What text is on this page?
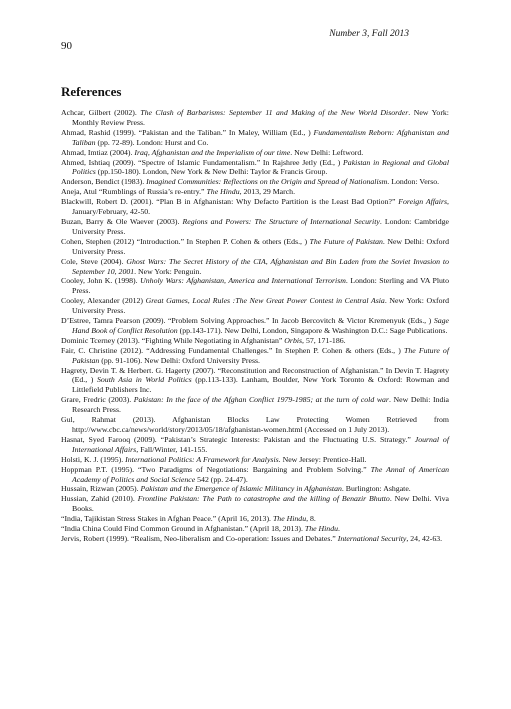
Number 3, Fall 2013
90
References
Achcar, Gilbert (2002). The Clash of Barbarisms: September 11 and Making of the New World Disorder. New York: Monthly Review Press.
Ahmad, Rashid (1999). “Pakistan and the Taliban.” In Maley, William (Ed., ) Fundamentalism Reborn: Afghanistan and Taliban (pp. 72-89). London: Hurst and Co.
Ahmad, Imtiaz (2004). Iraq, Afghanistan and the Imperialism of our time. New Delhi: Leftword.
Ahmed, Ishtiaq (2009). “Spectre of Islamic Fundamentalism.” In Rajshree Jetly (Ed., ) Pakistan in Regional and Global Politics (pp.150-180). London, New York & New Delhi: Taylor & Francis Group.
Anderson, Bendict (1983). Imagined Communities: Reflections on the Origin and Spread of Nationalism. London: Verso.
Aneja, Atul “Rumblings of Russia’s re-entry.” The Hindu, 2013, 29 March.
Blackwill, Robert D. (2001). “Plan B in Afghanistan: Why Defacto Partition is the Least Bad Option?” Foreign Affairs, January/February, 42-50.
Buzan, Barry & Ole Waever (2003). Regions and Powers: The Structure of International Security. London: Cambridge University Press.
Cohen, Stephen (2012) “Introduction.” In Stephen P. Cohen & others (Eds., ) The Future of Pakistan. New Delhi: Oxford University Press.
Cole, Steve (2004). Ghost Wars: The Secret History of the CIA, Afghanistan and Bin Laden from the Soviet Invasion to September 10, 2001. New York: Penguin.
Cooley, John K. (1998). Unholy Wars: Afghanistan, America and International Terrorism. London: Sterling and VA Pluto Press.
Cooley, Alexander (2012) Great Games, Local Rules :The New Great Power Contest in Central Asia. New York: Oxford University Press.
D’Estree, Tamra Pearson (2009). “Problem Solving Approaches.” In Jacob Bercovitch & Victor Kremenyuk (Eds., ) Sage Hand Book of Conflict Resolution (pp.143-171). New Delhi, London, Singapore & Washington D.C.: Sage Publications.
Dominic Tcerney (2013). “Fighting While Negotiating in Afghanistan” Orbis, 57, 171-186.
Fair, C. Christine (2012). “Addressing Fundamental Challenges.” In Stephen P. Cohen & others (Eds., ) The Future of Pakistan (pp. 91-106). New Delhi: Oxford University Press.
Hagrety, Devin T. & Herbert. G. Hagerty (2007). “Reconstitution and Reconstruction of Afghanistan.” In Devin T. Hagrety (Ed., ) South Asia in World Politics (pp.113-133). Lanham, Boulder, New York Toronto & Oxford: Rowman and Littlefield Publishers Inc.
Grare, Fredric (2003). Pakistan: In the face of the Afghan Conflict 1979-1985; at the turn of cold war. New Delhi: India Research Press.
Gul, Rahmat (2013). Afghanistan Blocks Law Protecting Women Retrieved from http://www.cbc.ca/news/world/story/2013/05/18/afghanistan-women.html (Accessed on 1 July 2013).
Hasnat, Syed Farooq (2009). “Pakistan’s Strategic Interests: Pakistan and the Fluctuating U.S. Strategy.” Journal of International Affairs, Fall/Winter, 141-155.
Holsti, K. J. (1995). International Politics: A Framework for Analysis. New Jersey: Prentice-Hall.
Hoppman P.T. (1995). “Two Paradigms of Negotiations: Bargaining and Problem Solving.” The Annal of American Academy of Politics and Social Science 542 (pp. 24-47).
Hussain, Rizwan (2005). Pakistan and the Emergence of Islamic Militancy in Afghanistan. Burlington: Ashgate.
Hussian, Zahid (2010). Frontline Pakistan: The Path to catastrophe and the killing of Benazir Bhutto. New Delhi. Viva Books.
“India, Tajikistan Stress Stakes in Afghan Peace.” (April 16, 2013). The Hindu, 8.
“India China Could Find Common Ground in Afghanistan.” (April 18, 2013). The Hindu.
Jervis, Robert (1999). “Realism, Neo-liberalism and Co-operation: Issues and Debates.” International Security, 24, 42-63.
